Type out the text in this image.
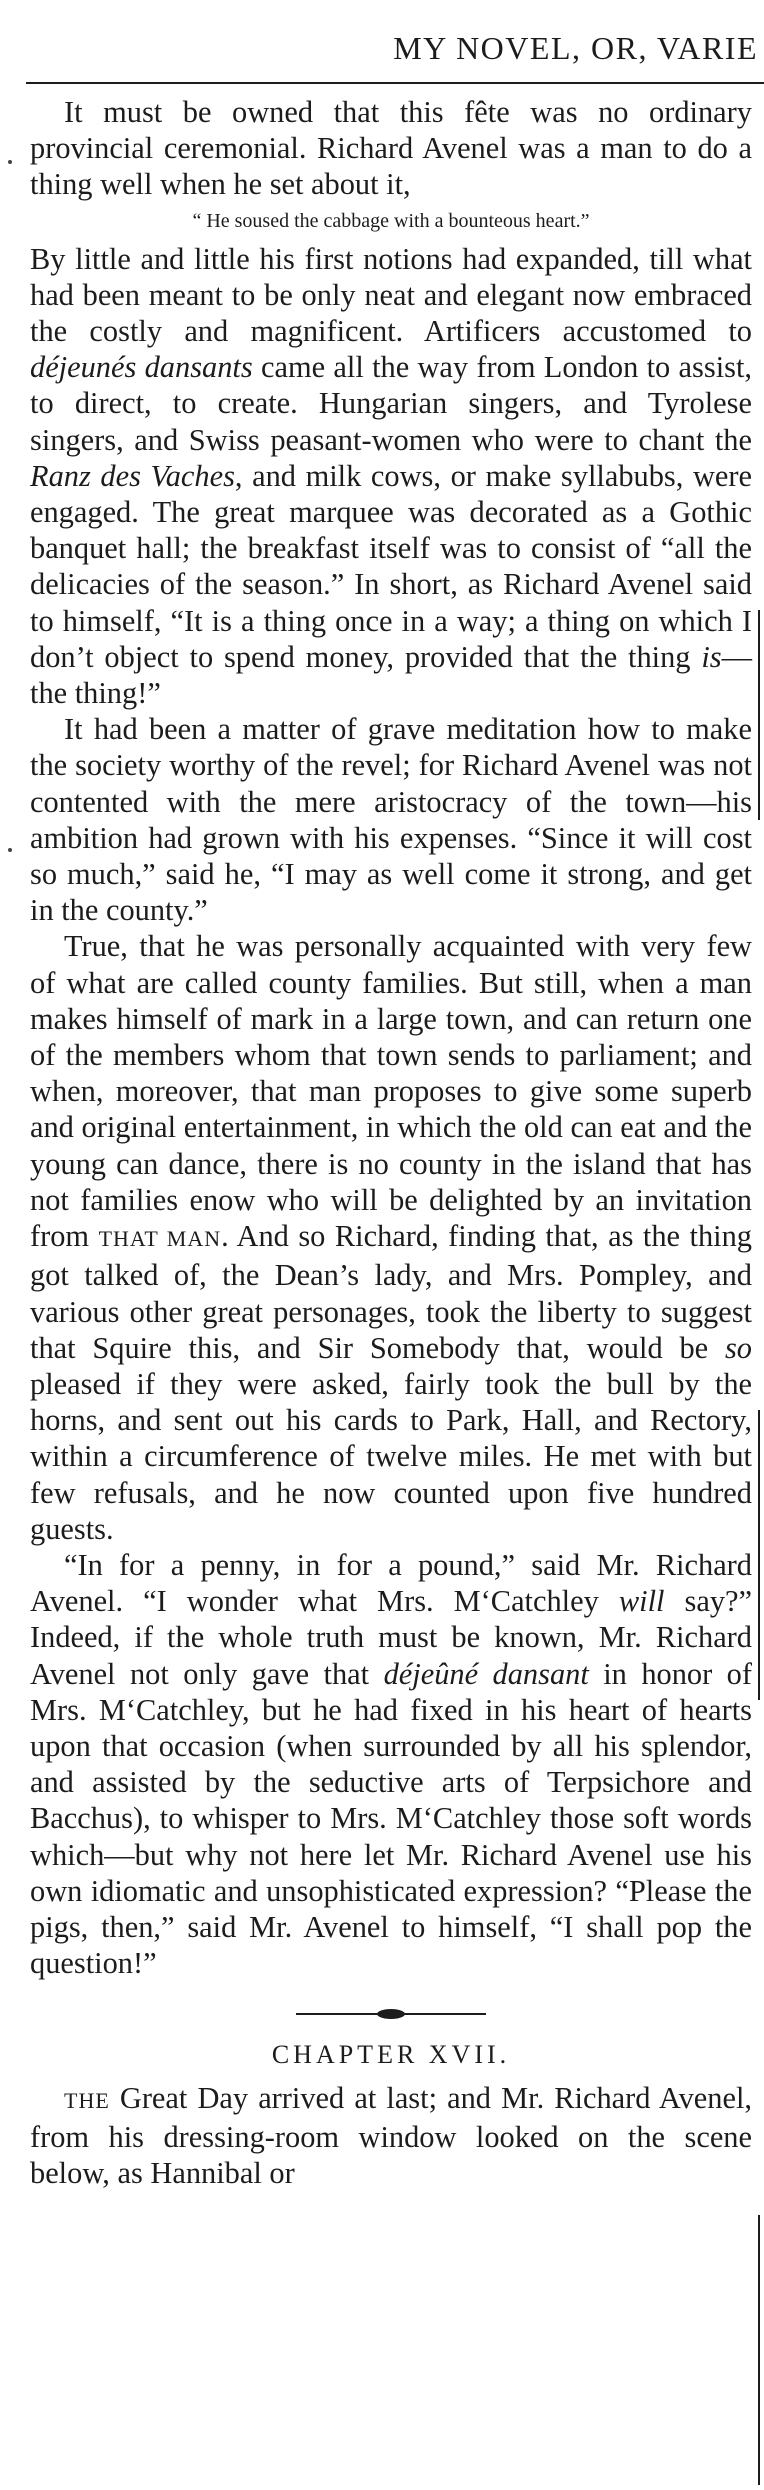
MY NOVEL, OR, VARIE

It must be owned that this fête was no ordinary provincial ceremonial. Richard Avenel was a man to do a thing well when he set about it,

“ He soused the cabbage with a bounteous heart.”

By little and little his first notions had expanded, till what had been meant to be only neat and elegant now embraced the costly and magnificent. Artificers accustomed to déjeunés dansants came all the way from London to assist, to direct, to create. Hungarian singers, and Tyrolese singers, and Swiss peasant-women who were to chant the Ranz des Vaches, and milk cows, or make syllabubs, were engaged. The great marquee was decorated as a Gothic banquet hall; the breakfast itself was to consist of “all the delicacies of the season.” In short, as Richard Avenel said to himself, “It is a thing once in a way; a thing on which I don’t object to spend money, provided that the thing is—the thing!”

It had been a matter of grave meditation how to make the society worthy of the revel; for Richard Avenel was not contented with the mere aristocracy of the town—his ambition had grown with his expenses. “Since it will cost so much,” said he, “I may as well come it strong, and get in the county.”

True, that he was personally acquainted with very few of what are called county families. But still, when a man makes himself of mark in a large town, and can return one of the members whom that town sends to parliament; and when, moreover, that man proposes to give some superb and original entertainment, in which the old can eat and the young can dance, there is no county in the island that has not families enow who will be delighted by an invitation from THAT MAN. And so Richard, finding that, as the thing got talked of, the Dean’s lady, and Mrs. Pompley, and various other great personages, took the liberty to suggest that Squire this, and Sir Somebody that, would be so pleased if they were asked, fairly took the bull by the horns, and sent out his cards to Park, Hall, and Rectory, within a circumference of twelve miles. He met with but few refusals, and he now counted upon five hundred guests.

“In for a penny, in for a pound,” said Mr. Richard Avenel. “I wonder what Mrs. M‘Catchley will say?” Indeed, if the whole truth must be known, Mr. Richard Avenel not only gave that déjeûné dansant in honor of Mrs. M‘Catchley, but he had fixed in his heart of hearts upon that occasion (when surrounded by all his splendor, and assisted by the seductive arts of Terpsichore and Bacchus), to whisper to Mrs. M‘Catchley those soft words which—but why not here let Mr. Richard Avenel use his own idiomatic and unsophisticated expression? “Please the pigs, then,” said Mr. Avenel to himself, “I shall pop the question!”

CHAPTER XVII.

THE Great Day arrived at last; and Mr. Richard Avenel, from his dressing-room window looked on the scene below, as Hannibal or
